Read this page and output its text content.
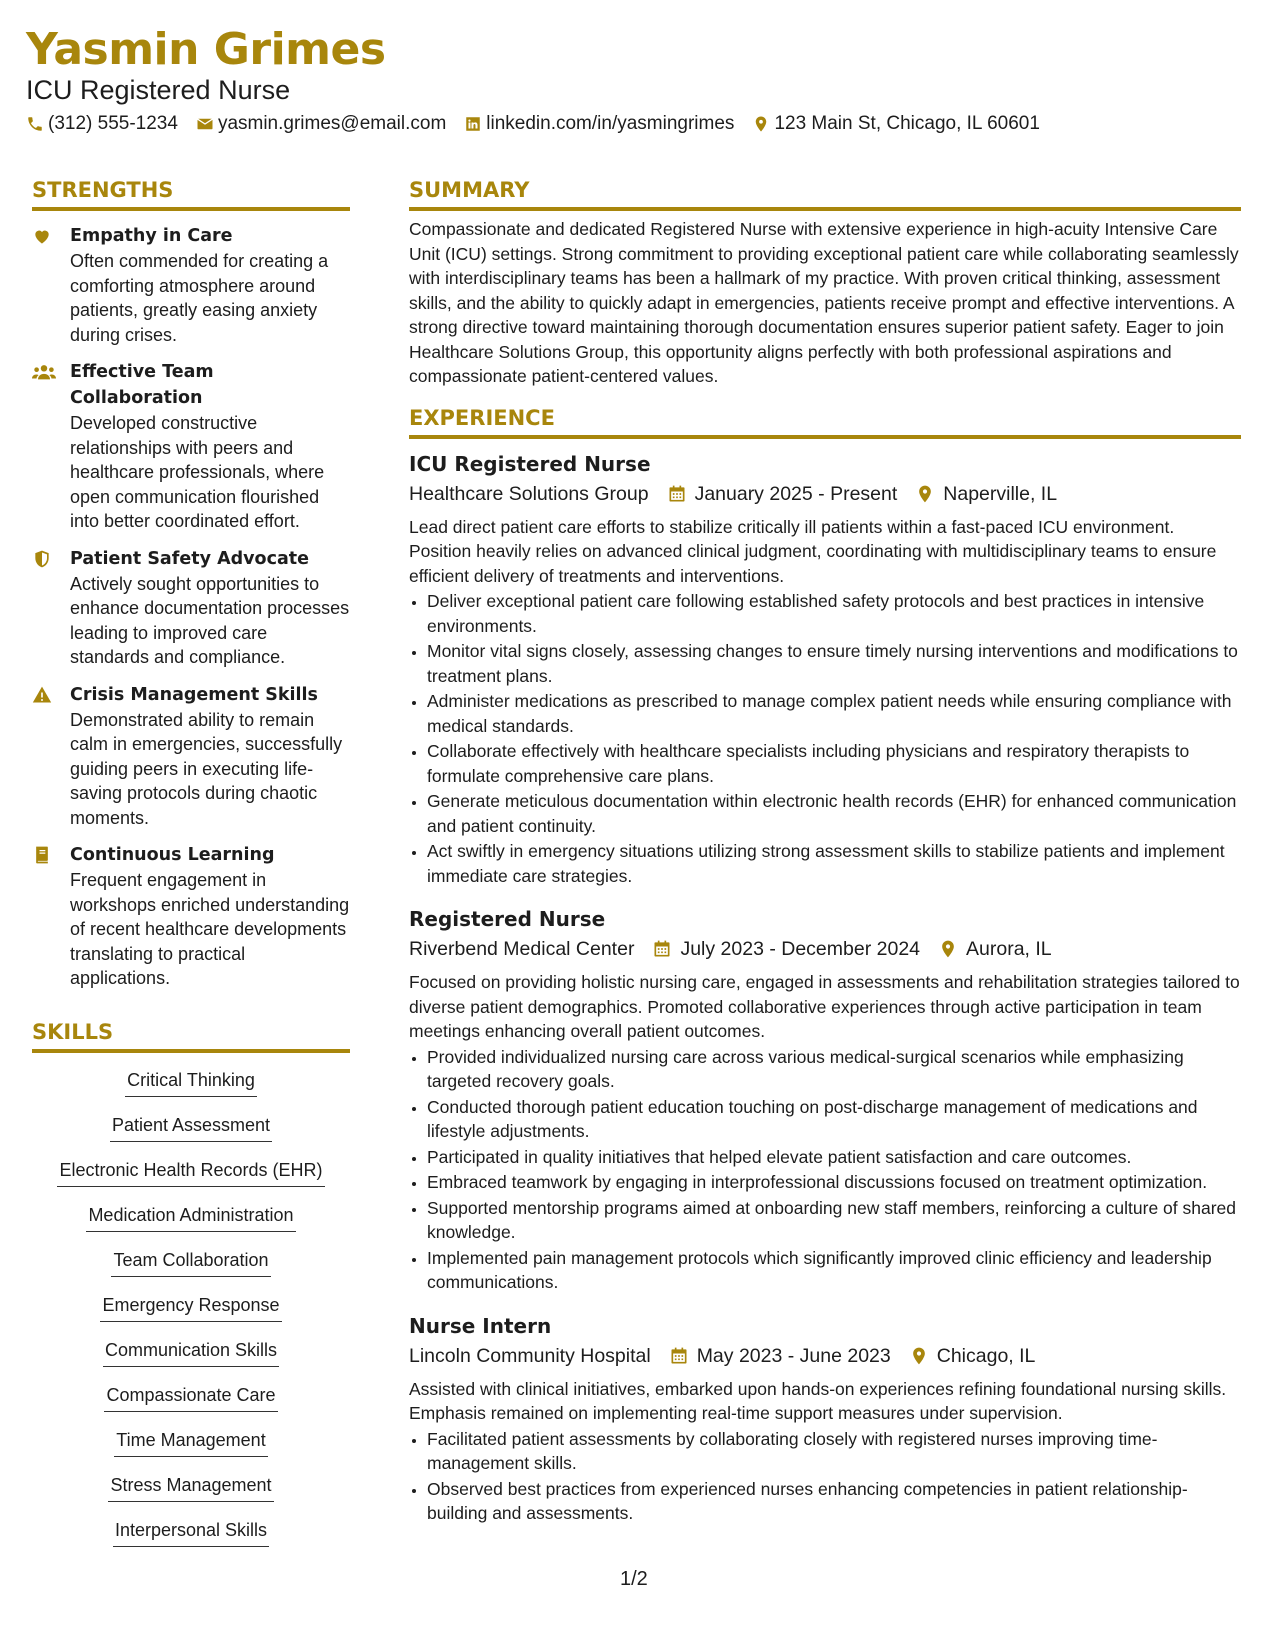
Yasmin Grimes
ICU Registered Nurse
(312) 555-1234 yasmin.grimes@email.com linkedin.com/in/yasmingrimes 123 Main St, Chicago, IL 60601
STRENGTHS
Empathy in Care
Often commended for creating a comforting atmosphere around patients, greatly easing anxiety during crises.
Effective Team Collaboration
Developed constructive relationships with peers and healthcare professionals, where open communication flourished into better coordinated effort.
Patient Safety Advocate
Actively sought opportunities to enhance documentation processes leading to improved care standards and compliance.
Crisis Management Skills
Demonstrated ability to remain calm in emergencies, successfully guiding peers in executing life-saving protocols during chaotic moments.
Continuous Learning
Frequent engagement in workshops enriched understanding of recent healthcare developments translating to practical applications.
SKILLS
Critical Thinking
Patient Assessment
Electronic Health Records (EHR)
Medication Administration
Team Collaboration
Emergency Response
Communication Skills
Compassionate Care
Time Management
Stress Management
Interpersonal Skills
SUMMARY
Compassionate and dedicated Registered Nurse with extensive experience in high-acuity Intensive Care Unit (ICU) settings. Strong commitment to providing exceptional patient care while collaborating seamlessly with interdisciplinary teams has been a hallmark of my practice. With proven critical thinking, assessment skills, and the ability to quickly adapt in emergencies, patients receive prompt and effective interventions. A strong directive toward maintaining thorough documentation ensures superior patient safety. Eager to join Healthcare Solutions Group, this opportunity aligns perfectly with both professional aspirations and compassionate patient-centered values.
EXPERIENCE
ICU Registered Nurse
Healthcare Solutions Group January 2025 - Present Naperville, IL
Lead direct patient care efforts to stabilize critically ill patients within a fast-paced ICU environment. Position heavily relies on advanced clinical judgment, coordinating with multidisciplinary teams to ensure efficient delivery of treatments and interventions.
• Deliver exceptional patient care following established safety protocols and best practices in intensive environments.
• Monitor vital signs closely, assessing changes to ensure timely nursing interventions and modifications to treatment plans.
• Administer medications as prescribed to manage complex patient needs while ensuring compliance with medical standards.
• Collaborate effectively with healthcare specialists including physicians and respiratory therapists to formulate comprehensive care plans.
• Generate meticulous documentation within electronic health records (EHR) for enhanced communication and patient continuity.
• Act swiftly in emergency situations utilizing strong assessment skills to stabilize patients and implement immediate care strategies.
Registered Nurse
Riverbend Medical Center July 2023 - December 2024 Aurora, IL
Focused on providing holistic nursing care, engaged in assessments and rehabilitation strategies tailored to diverse patient demographics. Promoted collaborative experiences through active participation in team meetings enhancing overall patient outcomes.
• Provided individualized nursing care across various medical-surgical scenarios while emphasizing targeted recovery goals.
• Conducted thorough patient education touching on post-discharge management of medications and lifestyle adjustments.
• Participated in quality initiatives that helped elevate patient satisfaction and care outcomes.
• Embraced teamwork by engaging in interprofessional discussions focused on treatment optimization.
• Supported mentorship programs aimed at onboarding new staff members, reinforcing a culture of shared knowledge.
• Implemented pain management protocols which significantly improved clinic efficiency and leadership communications.
Nurse Intern
Lincoln Community Hospital May 2023 - June 2023 Chicago, IL
Assisted with clinical initiatives, embarked upon hands-on experiences refining foundational nursing skills. Emphasis remained on implementing real-time support measures under supervision.
• Facilitated patient assessments by collaborating closely with registered nurses improving time-management skills.
• Observed best practices from experienced nurses enhancing competencies in patient relationship-building and assessments.
1/2
